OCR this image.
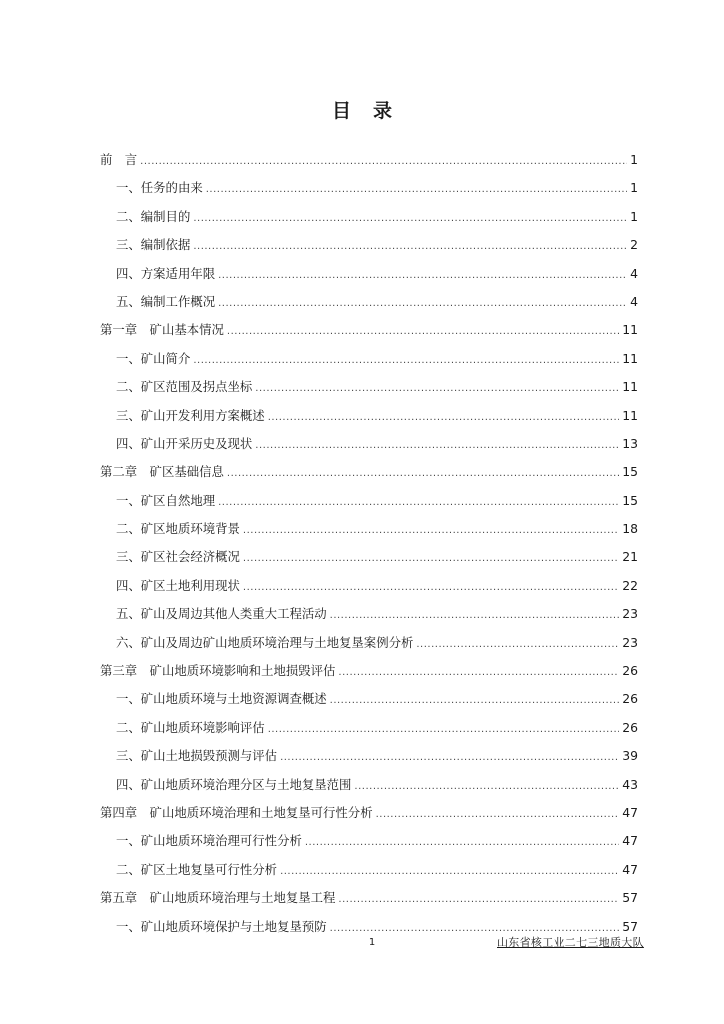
目 录
前　言 .....	1
一、任务的由来 .....	1
二、编制目的 .....	1
三、编制依据 .....	2
四、方案适用年限 .....	4
五、编制工作概况 .....	4
第一章　矿山基本情况 .....	11
一、矿山简介 .....	11
二、矿区范围及拐点坐标 .....	11
三、矿山开发利用方案概述 .....	11
四、矿山开采历史及现状 .....	13
第二章　矿区基础信息 .....	15
一、矿区自然地理 .....	15
二、矿区地质环境背景 .....	18
三、矿区社会经济概况 .....	21
四、矿区土地利用现状 .....	22
五、矿山及周边其他人类重大工程活动 .....	23
六、矿山及周边矿山地质环境治理与土地复垦案例分析 .....	23
第三章　矿山地质环境影响和土地损毁评估 .....	26
一、矿山地质环境与土地资源调查概述 .....	26
二、矿山地质环境影响评估 .....	26
三、矿山土地损毁预测与评估 .....	39
四、矿山地质环境治理分区与土地复垦范围 .....	43
第四章　矿山地质环境治理和土地复垦可行性分析 .....	47
一、矿山地质环境治理可行性分析 .....	47
二、矿区土地复垦可行性分析 .....	47
第五章　矿山地质环境治理与土地复垦工程 .....	57
一、矿山地质环境保护与土地复垦预防 .....	57
1	山东省核工业二七三地质大队
